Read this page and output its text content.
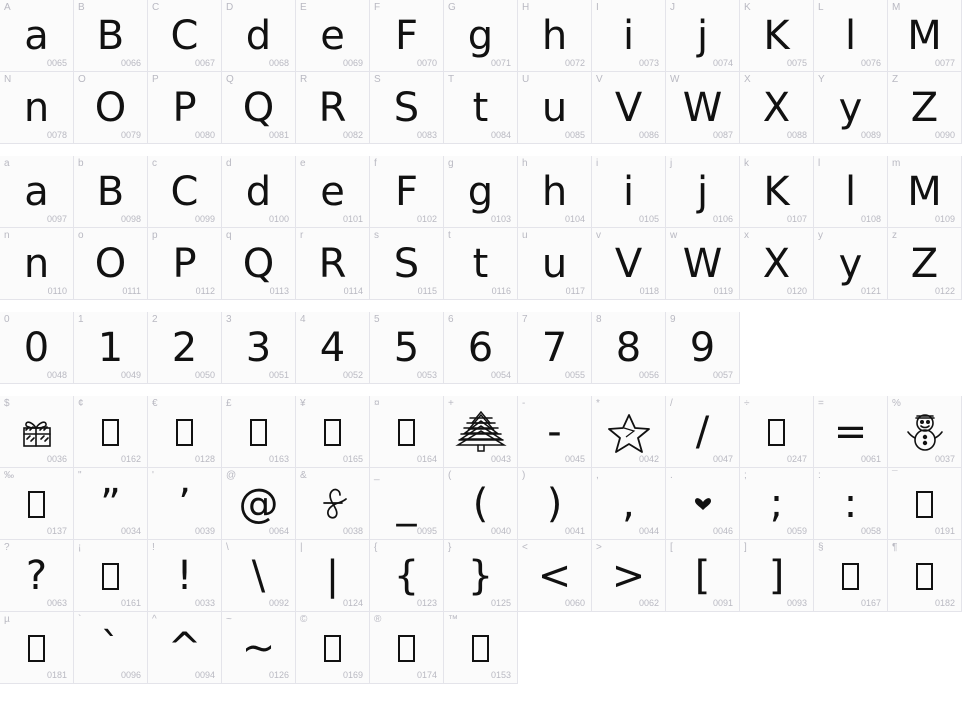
A
a
0065
B
B
0066
C
C
0067
D
d
0068
E
e
0069
F
F
0070
G
g
0071
H
h
0072
I
i
0073
J
j
0074
K
K
0075
L
l
0076
M
M
0077
N
n
0078
O
O
0079
P
P
0080
Q
Q
0081
R
R
0082
S
S
0083
T
t
0084
U
u
0085
V
V
0086
W
W
0087
X
X
0088
Y
y
0089
Z
Z
0090
a
a
0097
b
B
0098
c
C
0099
d
d
0100
e
e
0101
f
F
0102
g
g
0103
h
h
0104
i
i
0105
j
j
0106
k
K
0107
l
l
0108
m
M
0109
n
n
0110
o
O
0111
p
P
0112
q
Q
0113
r
R
0114
s
S
0115
t
t
0116
u
u
0117
v
V
0118
w
W
0119
x
X
0120
y
y
0121
z
Z
0122
0
0
0048
1
1
0049
2
2
0050
3
3
0051
4
4
0052
5
5
0053
6
6
0054
7
7
0055
8
8
0056
9
9
0057
$
0036
¢
0162
€
0128
£
0163
¥
0165
¤
0164
+
0043
-
-
0045
*
0042
/
/
0047
÷
0247
=
=
0061
%
0037
‰
0137
"
”
0034
'
’
0039
@
@
0064
&
0038
_
_
0095
(
(
0040
)
)
0041
,
,
0044
.
0046
;
;
0059
:
:
0058
¯
0191
?
?
0063
¡
0161
!
!
0033
\
\
0092
|
|
0124
{
{
0123
}
}
0125
<
<
0060
>
>
0062
[
[
0091
]
]
0093
§
0167
¶
0182
µ
0181
`
`
0096
^
^
0094
~
~
0126
©
0169
®
0174
™
0153
